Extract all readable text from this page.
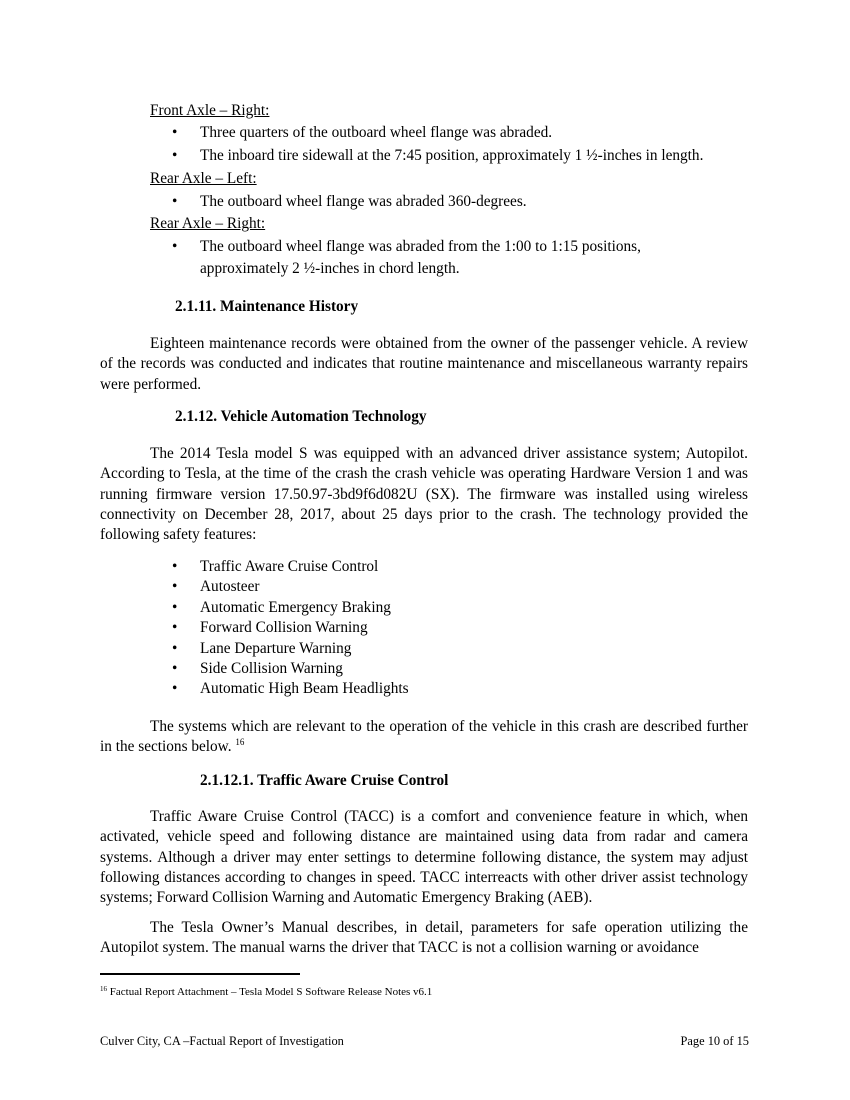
Front Axle – Right:
• Three quarters of the outboard wheel flange was abraded.
• The inboard tire sidewall at the 7:45 position, approximately 1 ½-inches in length.
Rear Axle – Left:
• The outboard wheel flange was abraded 360-degrees.
Rear Axle – Right:
• The outboard wheel flange was abraded from the 1:00 to 1:15 positions, approximately 2 ½-inches in chord length.
2.1.11. Maintenance History

Eighteen maintenance records were obtained from the owner of the passenger vehicle. A review of the records was conducted and indicates that routine maintenance and miscellaneous warranty repairs were performed.

2.1.12. Vehicle Automation Technology

The 2014 Tesla model S was equipped with an advanced driver assistance system; Autopilot. According to Tesla, at the time of the crash the crash vehicle was operating Hardware Version 1 and was running firmware version 17.50.97-3bd9f6d082U (SX). The firmware was installed using wireless connectivity on December 28, 2017, about 25 days prior to the crash. The technology provided the following safety features:

• Traffic Aware Cruise Control
• Autosteer
• Automatic Emergency Braking
• Forward Collision Warning
• Lane Departure Warning
• Side Collision Warning
• Automatic High Beam Headlights

The systems which are relevant to the operation of the vehicle in this crash are described further in the sections below. $^{16}$

2.1.12.1. Traffic Aware Cruise Control

Traffic Aware Cruise Control (TACC) is a comfort and convenience feature in which, when activated, vehicle speed and following distance are maintained using data from radar and camera systems. Although a driver may enter settings to determine following distance, the system may adjust following distances according to changes in speed. TACC interreacts with other driver assist technology systems; Forward Collision Warning and Automatic Emergency Braking (AEB).

The Tesla Owner’s Manual describes, in detail, parameters for safe operation utilizing the Autopilot system. The manual warns the driver that TACC is not a collision warning or avoidance

$^{16}$ Factual Report Attachment – Tesla Model S Software Release Notes v6.1
Culver City, CA –Factual Report of Investigation	Page 10 of 15
